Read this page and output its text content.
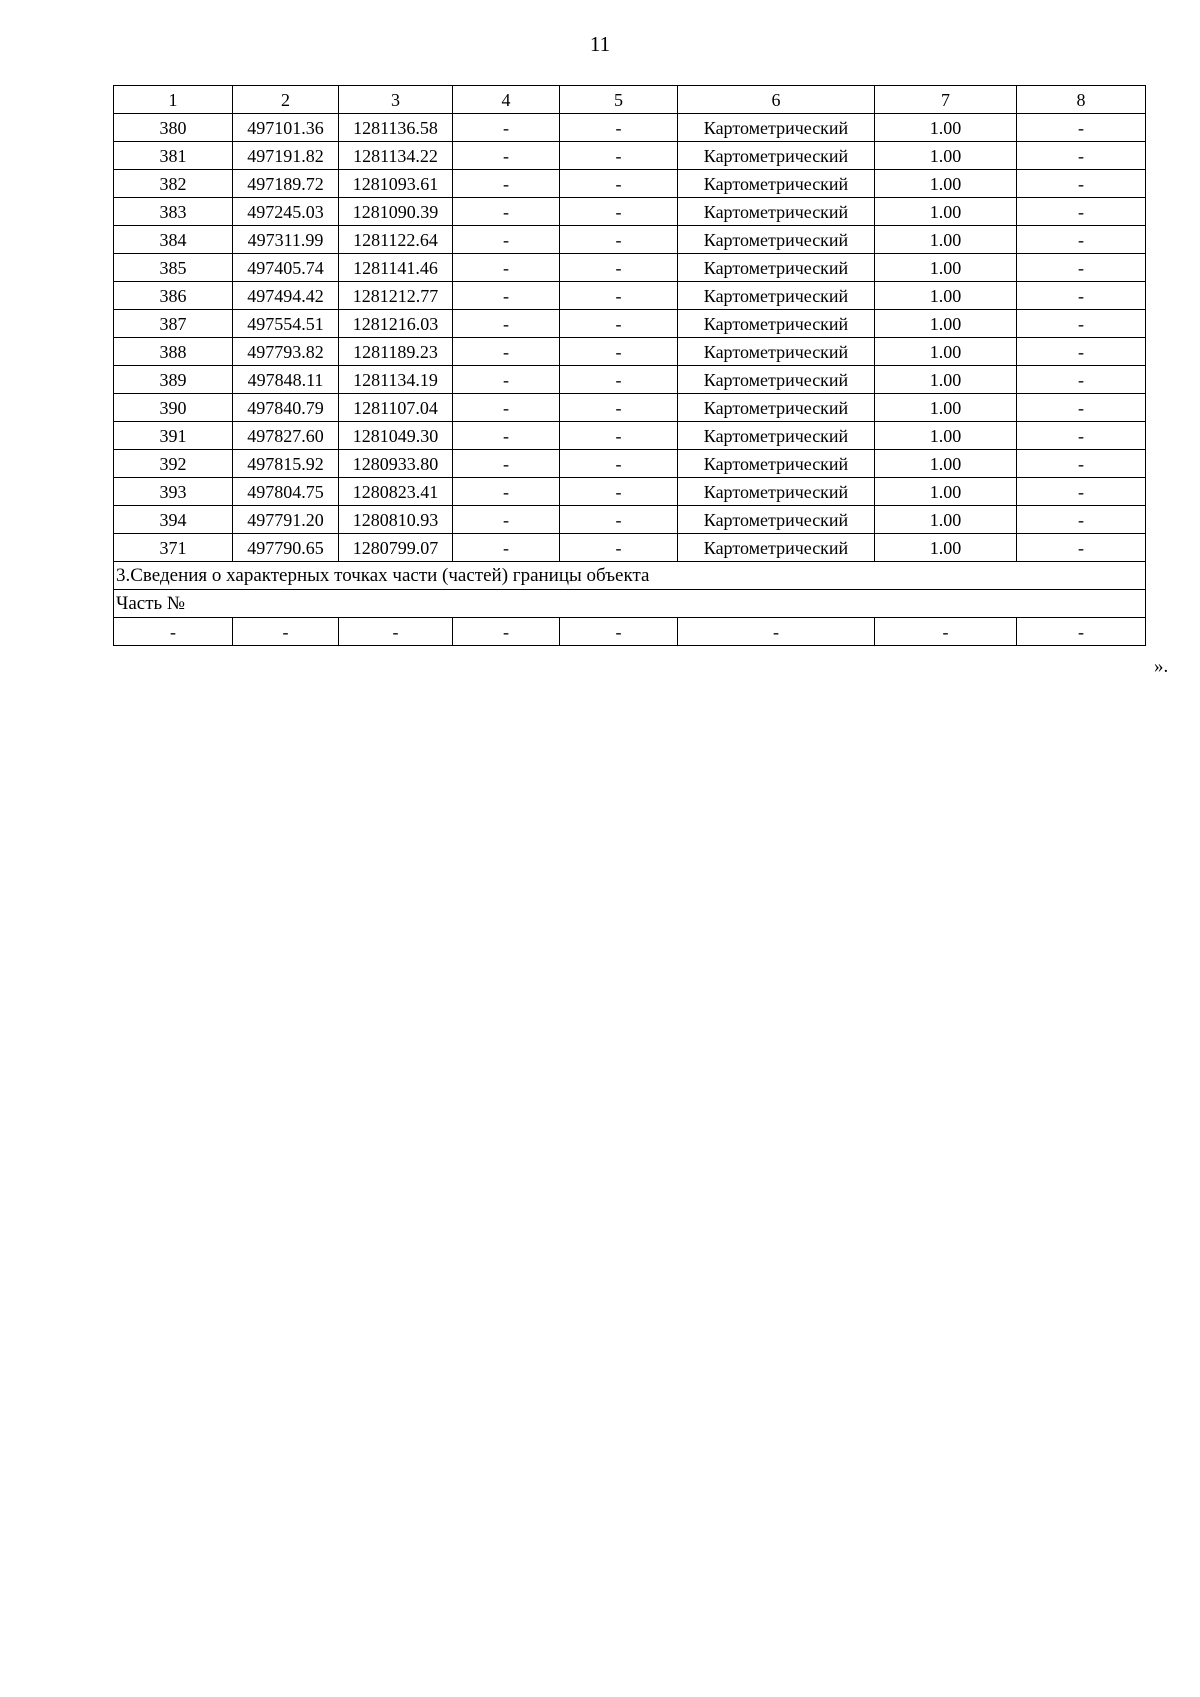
11
1	2	3	4	5	6	7	8
380	497101.36	1281136.58	-	-	Картометрический	1.00	-
381	497191.82	1281134.22	-	-	Картометрический	1.00	-
382	497189.72	1281093.61	-	-	Картометрический	1.00	-
383	497245.03	1281090.39	-	-	Картометрический	1.00	-
384	497311.99	1281122.64	-	-	Картометрический	1.00	-
385	497405.74	1281141.46	-	-	Картометрический	1.00	-
386	497494.42	1281212.77	-	-	Картометрический	1.00	-
387	497554.51	1281216.03	-	-	Картометрический	1.00	-
388	497793.82	1281189.23	-	-	Картометрический	1.00	-
389	497848.11	1281134.19	-	-	Картометрический	1.00	-
390	497840.79	1281107.04	-	-	Картометрический	1.00	-
391	497827.60	1281049.30	-	-	Картометрический	1.00	-
392	497815.92	1280933.80	-	-	Картометрический	1.00	-
393	497804.75	1280823.41	-	-	Картометрический	1.00	-
394	497791.20	1280810.93	-	-	Картометрический	1.00	-
371	497790.65	1280799.07	-	-	Картометрический	1.00	-
3.Сведения о характерных точках части (частей) границы объекта							
Часть №							
-	-	-	-	-	-	-	-
».
